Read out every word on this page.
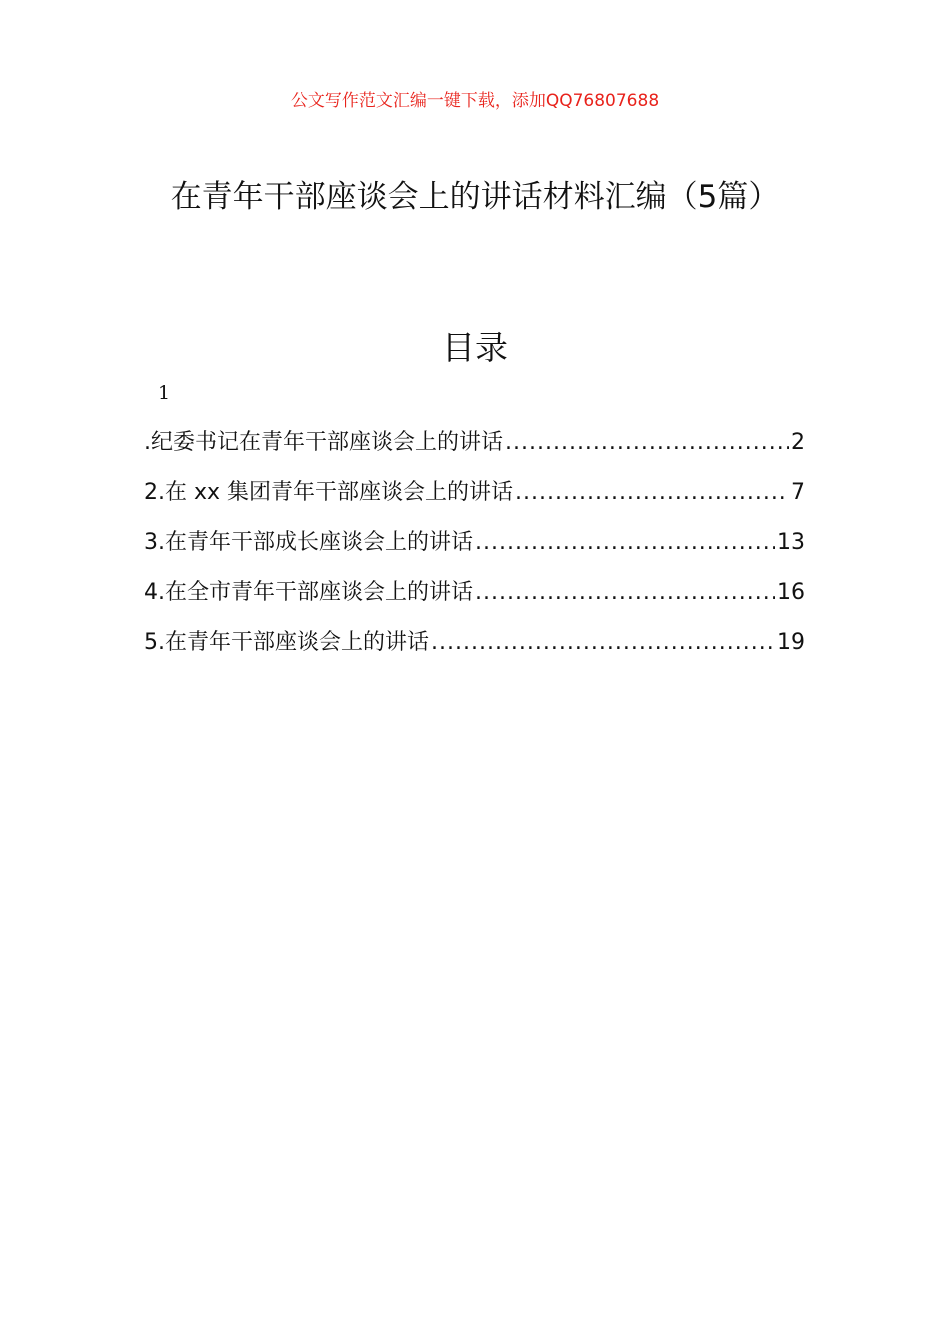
公文写作范文汇编一键下载，添加QQ76807688
在青年干部座谈会上的讲话材料汇编（5篇）
目录
1
.纪委书记在青年干部座谈会上的讲话 .....	2
2.在 xx 集团青年干部座谈会上的讲话 .....	7
3.在青年干部成长座谈会上的讲话 .....	13
4.在全市青年干部座谈会上的讲话 .....	16
5.在青年干部座谈会上的讲话 .....	19
